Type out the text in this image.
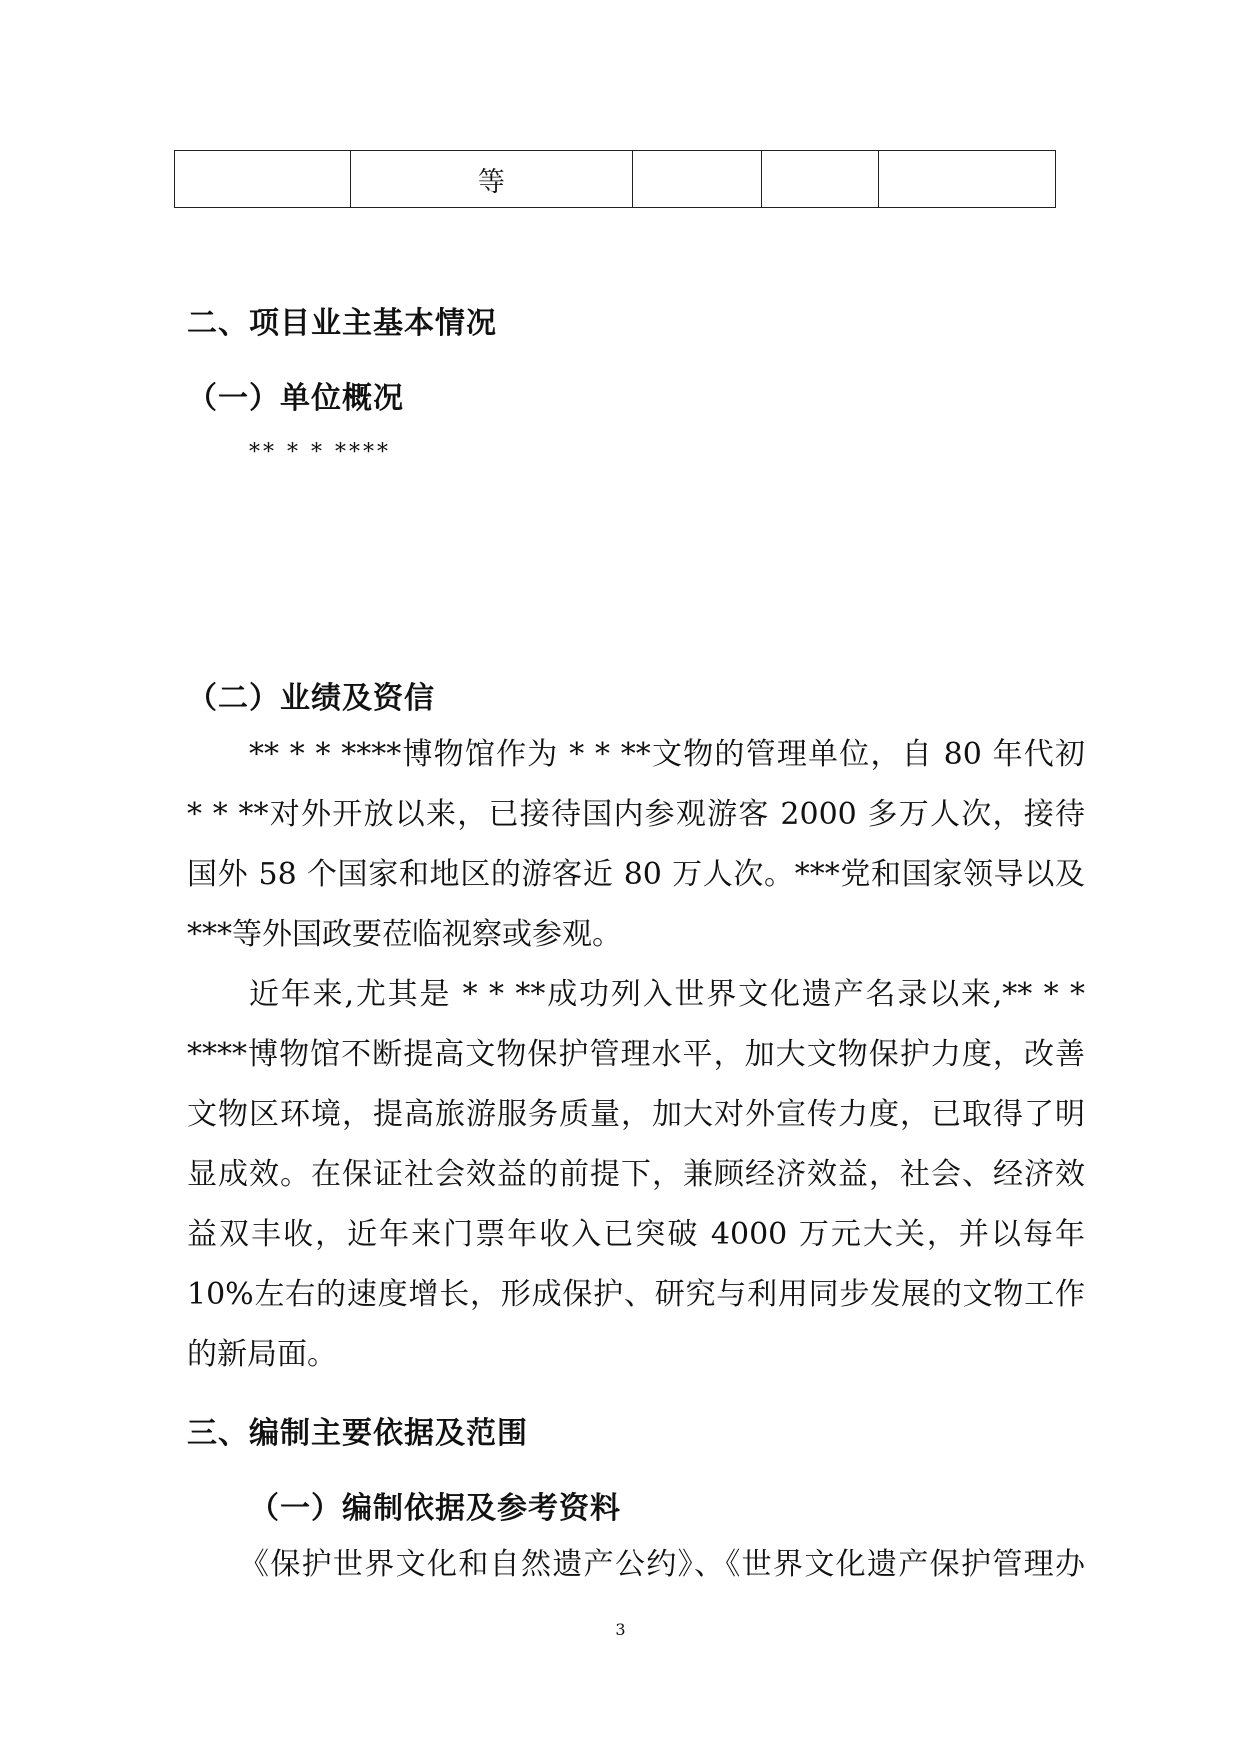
	等			
二、项目业主基本情况
（一）单位概况
** * * ****
（二）业绩及资信

** * * ****博物馆作为 * * **文物的管理单位，自 80 年代初

* * **对外开放以来，已接待国内参观游客 2000 多万人次，接待

国外 58 个国家和地区的游客近 80 万人次。***党和国家领导以及

***等外国政要莅临视察或参观。

近年来,尤其是 * * **成功列入世界文化遗产名录以来,** * *

****博物馆不断提高文物保护管理水平，加大文物保护力度，改善

文物区环境，提高旅游服务质量，加大对外宣传力度，已取得了明

显成效。在保证社会效益的前提下，兼顾经济效益，社会、经济效

益双丰收，近年来门票年收入已突破 4000 万元大关，并以每年

10%左右的速度增长，形成保护、研究与利用同步发展的文物工作

的新局面。

三、编制主要依据及范围
（一）编制依据及参考资料

《保护世界文化和自然遗产公约》、《世界文化遗产保护管理办

3
